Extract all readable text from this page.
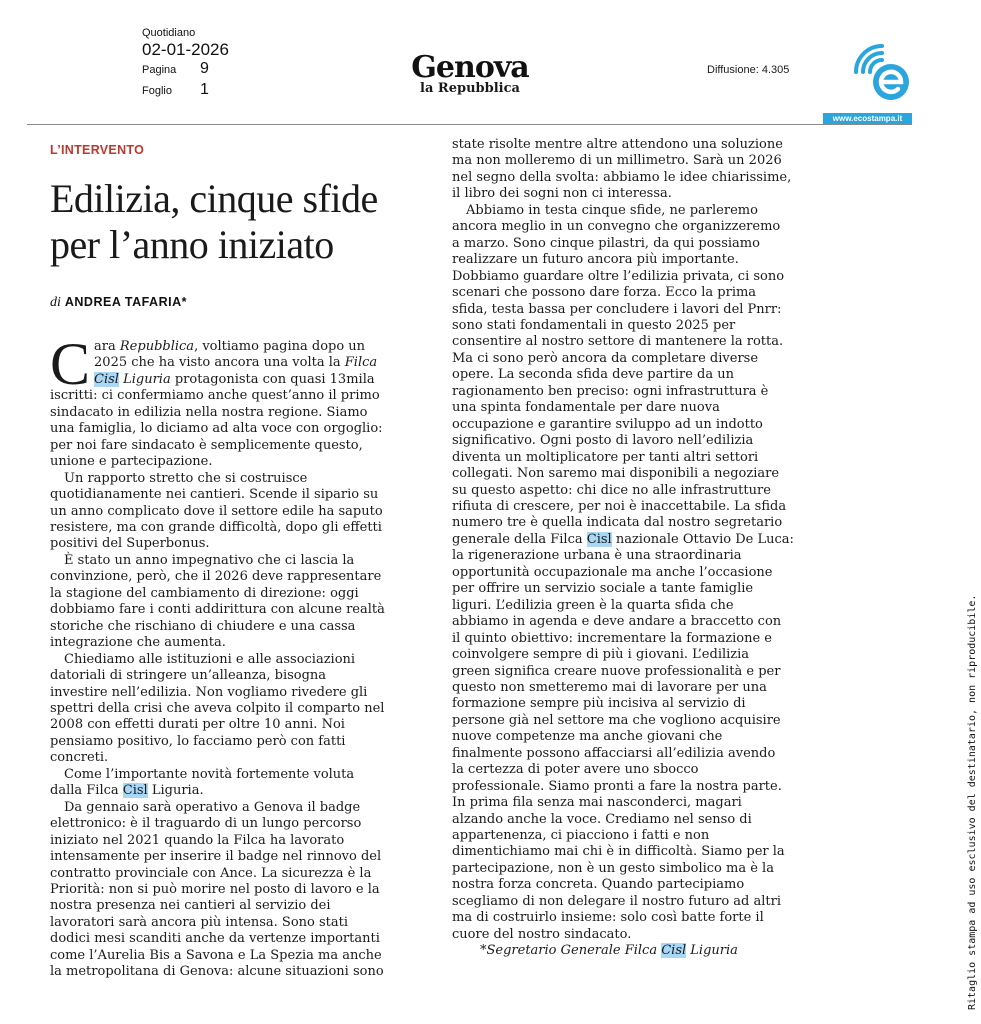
Quotidiano
02-01-2026
Pagina	9
Foglio	1
Genova
la Repubblica
Diffusione: 4.305
www.ecostampa.it
L’INTERVENTO
Edilizia, cinque sfide
per l’anno iniziato
di ANDREA TAFARIA*

Cara Repubblica, voltiamo pagina dopo un
2025 che ha visto ancora una volta la Filca
Cisl Liguria protagonista con quasi 13mila
iscritti: ci confermiamo anche quest’anno il primo
sindacato in edilizia nella nostra regione. Siamo
una famiglia, lo diciamo ad alta voce con orgoglio:
per noi fare sindacato è semplicemente questo,
unione e partecipazione.

Un rapporto stretto che si costruisce
quotidianamente nei cantieri. Scende il sipario su
un anno complicato dove il settore edile ha saputo
resistere, ma con grande difficoltà, dopo gli effetti
positivi del Superbonus.

È stato un anno impegnativo che ci lascia la
convinzione, però, che il 2026 deve rappresentare
la stagione del cambiamento di direzione: oggi
dobbiamo fare i conti addirittura con alcune realtà
storiche che rischiano di chiudere e una cassa
integrazione che aumenta.

Chiediamo alle istituzioni e alle associazioni
datoriali di stringere un’alleanza, bisogna
investire nell’edilizia. Non vogliamo rivedere gli
spettri della crisi che aveva colpito il comparto nel
2008 con effetti durati per oltre 10 anni. Noi
pensiamo positivo, lo facciamo però con fatti
concreti.

Come l’importante novità fortemente voluta
dalla Filca Cisl Liguria.

Da gennaio sarà operativo a Genova il badge
elettronico: è il traguardo di un lungo percorso
iniziato nel 2021 quando la Filca ha lavorato
intensamente per inserire il badge nel rinnovo del
contratto provinciale con Ance. La sicurezza è la
Priorità: non si può morire nel posto di lavoro e la
nostra presenza nei cantieri al servizio dei
lavoratori sarà ancora più intensa. Sono stati
dodici mesi scanditi anche da vertenze importanti
come l’Aurelia Bis a Savona e La Spezia ma anche
la metropolitana di Genova: alcune situazioni sono

state risolte mentre altre attendono una soluzione
ma non molleremo di un millimetro. Sarà un 2026
nel segno della svolta: abbiamo le idee chiarissime,
il libro dei sogni non ci interessa.

Abbiamo in testa cinque sfide, ne parleremo
ancora meglio in un convegno che organizzeremo
a marzo. Sono cinque pilastri, da qui possiamo
realizzare un futuro ancora più importante.
Dobbiamo guardare oltre l’edilizia privata, ci sono
scenari che possono dare forza. Ecco la prima
sfida, testa bassa per concludere i lavori del Pnrr:
sono stati fondamentali in questo 2025 per
consentire al nostro settore di mantenere la rotta.
Ma ci sono però ancora da completare diverse
opere. La seconda sfida deve partire da un
ragionamento ben preciso: ogni infrastruttura è
una spinta fondamentale per dare nuova
occupazione e garantire sviluppo ad un indotto
significativo. Ogni posto di lavoro nell’edilizia
diventa un moltiplicatore per tanti altri settori
collegati. Non saremo mai disponibili a negoziare
su questo aspetto: chi dice no alle infrastrutture
rifiuta di crescere, per noi è inaccettabile. La sfida
numero tre è quella indicata dal nostro segretario
generale della Filca Cisl nazionale Ottavio De Luca:
la rigenerazione urbana è una straordinaria
opportunità occupazionale ma anche l’occasione
per offrire un servizio sociale a tante famiglie
liguri. L’edilizia green è la quarta sfida che
abbiamo in agenda e deve andare a braccetto con
il quinto obiettivo: incrementare la formazione e
coinvolgere sempre di più i giovani. L’edilizia
green significa creare nuove professionalità e per
questo non smetteremo mai di lavorare per una
formazione sempre più incisiva al servizio di
persone già nel settore ma che vogliono acquisire
nuove competenze ma anche giovani che
finalmente possono affacciarsi all’edilizia avendo
la certezza di poter avere uno sbocco
professionale. Siamo pronti a fare la nostra parte.
In prima fila senza mai nasconderci, magari
alzando anche la voce. Crediamo nel senso di
appartenenza, ci piacciono i fatti e non
dimentichiamo mai chi è in difficoltà. Siamo per la
partecipazione, non è un gesto simbolico ma è la
nostra forza concreta. Quando partecipiamo
scegliamo di non delegare il nostro futuro ad altri
ma di costruirlo insieme: solo così batte forte il
cuore del nostro sindacato.

*Segretario Generale Filca Cisl Liguria	Ritaglio stampa ad uso esclusivo del destinatario, non riproducibile.
